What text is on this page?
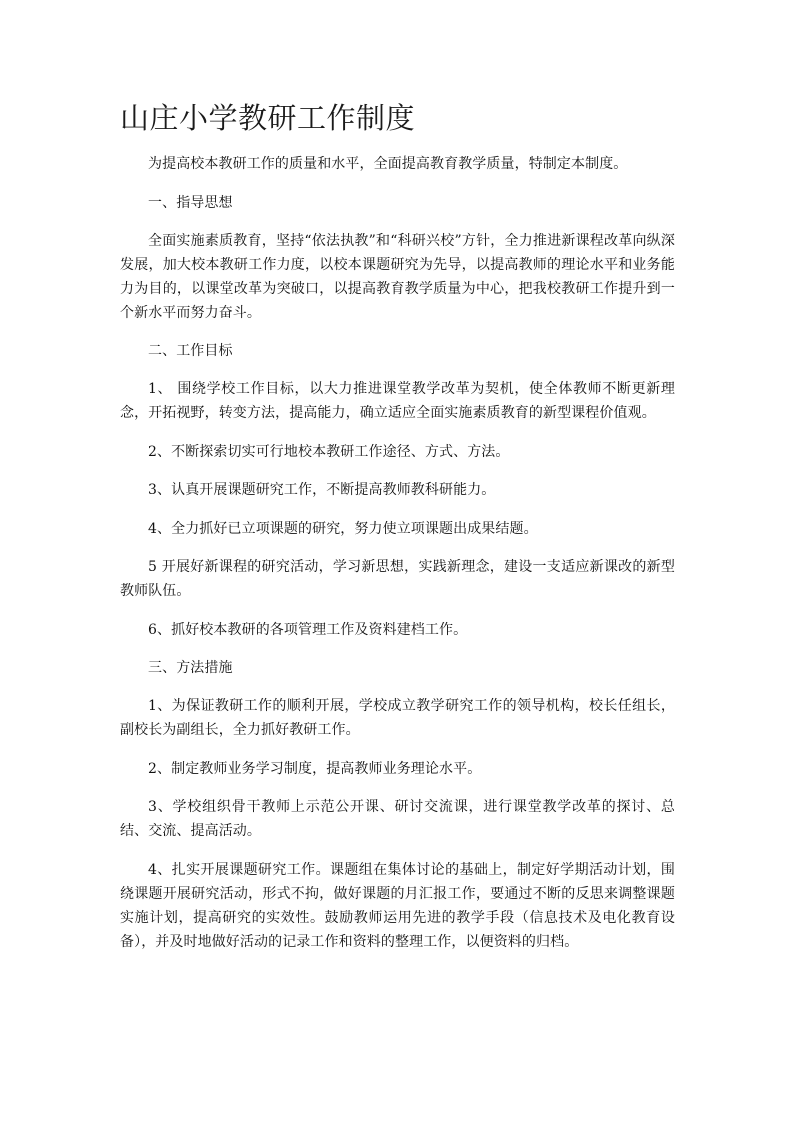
山庄小学教研工作制度

为提高校本教研工作的质量和水平，全面提高教育教学质量，特制定本制度。

一、指导思想

全面实施素质教育，坚持“依法执教”和“科研兴校”方针，全力推进新课程改革向纵深发展，加大校本教研工作力度，以校本课题研究为先导，以提高教师的理论水平和业务能力为目的，以课堂改革为突破口，以提高教育教学质量为中心，把我校教研工作提升到一个新水平而努力奋斗。

二、工作目标

1、 围绕学校工作目标，以大力推进课堂教学改革为契机，使全体教师不断更新理念，开拓视野，转变方法，提高能力，确立适应全面实施素质教育的新型课程价值观。

2、不断探索切实可行地校本教研工作途径、方式、方法。

3、认真开展课题研究工作，不断提高教师教科研能力。

4、全力抓好已立项课题的研究，努力使立项课题出成果结题。

5 开展好新课程的研究活动，学习新思想，实践新理念，建设一支适应新课改的新型教师队伍。

6、抓好校本教研的各项管理工作及资料建档工作。

三、方法措施

1、为保证教研工作的顺利开展，学校成立教学研究工作的领导机构，校长任组长，副校长为副组长，全力抓好教研工作。

2、制定教师业务学习制度，提高教师业务理论水平。

3、学校组织骨干教师上示范公开课、研讨交流课，进行课堂教学改革的探讨、总结、交流、提高活动。

4、扎实开展课题研究工作。课题组在集体讨论的基础上，制定好学期活动计划，围绕课题开展研究活动，形式不拘，做好课题的月汇报工作，要通过不断的反思来调整课题实施计划，提高研究的实效性。鼓励教师运用先进的教学手段（信息技术及电化教育设备），并及时地做好活动的记录工作和资料的整理工作，以便资料的归档。
